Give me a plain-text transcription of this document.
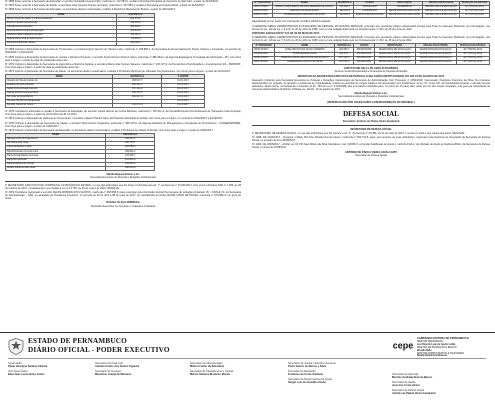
Nº 2888 Fazer retornar à Secretaria de Educação, o servidor Sebastião Gomes Filho, matrícula nº 127.083-0, cedido à Prefeitura Municipal de Camocim de São Félix, a partir de 31/03/2017.

Nº 2807 Fazer retornar à Secretaria de Saúde, a servidora José Genésio Gomes de Araújo, matrícula nº 107.984-3, cedida à Secretaria de Defesa Social, a partir de 01/04/2017.

Nº 2808 Fazer retornar à Secretaria de Educação, os servidores abaixo relacionados, cedidos à Prefeitura Municipal de Buíque, a partir de 30/01/2017.

NOME	MATRÍCULA
Alcina Tomaz de Castro e França Cavalcanti	269.975-2
Eveline Cristina Ferreira Leite	192.000-9
Ivanilda Bezerra de Mélo	188.890-0
Roberta Maria Ferreira Albuquerque	251.901-2
Rosilene Maria Cavalcanti de Melo	111.587-2
Wanda Maria Silva do Nascimento	175.945-3
Zélia Alves Barbosa Santos	149.180-4

Nº 2809 Colocar à disposição da Secretaria de Transportes, a servidora Ignêz Queiroz de Oliveira Lobo, matrícula nº 108.883-7, da Secretaria de Desenvolvimento Social, Criança e Juventude, no período de 01/02/2017 a 31/12/2017.

Nº 2870 Colocar à disposição da Secretaria de Justiça e Direitos Humanos, o servidor Sylvio Romero Porsch Vieira, matrícula nº 386.462-0, da Agência Estadual de Tecnologia da Informação - ATI, com ônus para a origem, a partir da data de publicação deste ato.

Nº 2871 Colocar à disposição da Secretaria de Agricultura e Reforma Agrária, a servidora Maria José Gomes Siqueira, matrícula nº 103.107-0, da Pernambuco Participações e Investimentos S/A - PERPART, com ônus para a origem, a partir da data de publicação deste ato.

Nº 2872 Colocar à disposição da Secretaria de Saúde, os servidores abaixo relacionados, cedidos à Prefeitura Municipal de Jaboatão dos Guararapes, com ônus para a origem, a partir de 01/01/2017.

NOME	MATRÍCULA	A PARTIR
Cláudia da Oliveira Costa Lira	253.517-7	01.01.2017
Eduardo da Silva Carneiro	240.387-4	01.01.2017
Isabel Cristina Braga Campos	237.300-4	20.01.2017
Jadilva Maria Ferreira da Silva	232.767-5	01.01.2017
Jair José da Silva Ramos	200.817-6	01.01.2017
Marcela Oliveira de Albuquerque	-	01.01.2017
Zeneide Santos de Souza	243.970-9	01.01.2017

Nº 2873 Considerar autorizada a cessão à Secretaria de Educação, do servidor Carlos Alberto da Cunha Barbosa, matrícula nº 187.611-2, da Perpart/Empresa Pernambucana de Transporte Intermunicipal, com ônus para a origem, a partir de 01.04.2014 até 31.12.2014.

Nº 2874 Colocar à disposição do Gabinete do Governador, o servidor Joaquim Pombo Neto, da Prefeitura Municipal de Olinda, com ônus para a origem, no período de 01/02/2017 a 31/12/2017.

Nº 2875 Colocar à disposição da Secretaria de Saúde, o servidor Hélio Gomes Cavalcanti, matrícula nº 395.470-0, da Agência Estadual de Planejamento e Pesquisas de Pernambuco - CONDEPE/FIDEM, com ônus para a origem, a partir de 01/01/2017.

Nº 2876 Colocar à disposição da Secretaria de Educação, os servidores abaixo relacionados, cedidos à Prefeitura da Cidade do Recife, com ônus para a origem, a partir de 01/01/2017.

NOME	MATRÍCULA
Adriana Cintra do Nascimento	190.004-1
Ivaí Maria Félix Silva	258.750-7
Luiza Cavalcanti e Silva	202.998-0
Maria Rosimeire Ferreira Lima	184.601-2
Maria Ozeidê Batista da Costa	213.106-7
Maria Rita Almeida	231.404-3
Maura Nascimento Cunha	142.080-6
Rejane Maria de Melo Silva	268.515-8
Marília Raquel Simões Lins
Secretária Executiva de Pessoal e Relações Institucionais

O SECRETÁRIO EXECUTIVO DE COMPRAS E LICITAÇÕES DO ESTADO, no uso das atribuições que lhe foram conferidas pela art. 7º, do Decreto nº 44.001/2017, bem como a Portaria SAD nº 2.069, de 25 de outubro de 2017, considerando o que dispõe a Lei nº 13.755, de 15 de março de 2016, RESOLVE:

Nº 2879 Considerar designado a servidor FELIPE ROBSON DOS SANTOS, matrícula nº 366.558-5, para responder pela Comissão Central Permanente de Licitação do Estado VII – CCPLE VII, da Secretaria de Administração – SAD, na qualidade de Presidente Pregoeiro, no período de 29 de abril a 08 de maio de 2017, em substituição ao titular FELIPE VÍTOR DE SOUZA, matrícula nº 375.984-3, em gozo de férias.

RAFAEL HLAÇA NOBREGA
Secretário Executivo de Compras e Licitações do Estado
Nº PROCESSO	NOME	MATRÍCULA	CARGO	INSTITUIÇÃO	ÓRGÃO SOLICITANTE	DURAÇÃO DA ESTADA
0001701/2017	MARIA JOSÉ RIBEIRO DE LIMA BEZERRA DE SOUZA	264.960-1	PROFESSOR	SAGRESBOM	SECRETARIA DE EDUCAÇÃO	30 (TRINTA) DIAS
0005705/2017	IVANILDO DA SILVA ALVES	280.566-4	PROFESSOR	SECRETARIA DE EDUCAÇÃO	SECRETARIA DE EDUCAÇÃO	30 (TRINTA) DIAS
0000170/2017	VANGEZILANE RODRIGUES DA SILVA	300.000-9	ANALISTA EDUCACIONAL	SECRETARIA DE EDUCAÇÃO	SECRETARIA DE EDUCAÇÃO	30 (TRINTA) DIAS

Republicada por ter saído com incorreção no Diário Oficial do Estado.

A GERENTE GERAL ADMINISTRATIVA E FINANCEIRA DE PESSOAL DO ESTADO RESOLVE: conceder aos servidores abaixo relacionados licença para Trato de Interesse Particular, em prorrogação, nos termos do art. 119 da Lei nº 6.123, de 20 de julho de 1968, com a nova redação dada pela Lei Complementar nº 202, de 28 de junho de 2012.

PORTARIA SAD/GGAFP Nº 101 DE 09 DE MAIO DE 2017.

A GERENTE GERAL ADMINISTRATIVA E FINANCEIRA DE PESSOAL DO ESTADO RESOLVE: conceder aos servidores abaixo relacionados licença para Trato de Interesse Particular, em prorrogação, nos termos do art. 119 da Lei nº 6.123, de 20 de julho de 1968, com a nova redação dada pela Lei Complementar nº 202, de 28 de junho de 2012.

Nº PROCESSO	NOME	MATRÍCULA	CARGO	INSTITUIÇÃO	ÓRGÃO SOLICITANTE	DURAÇÃO DA ESTADA
0000179/2017	JOSÉ ADILSON DA SILVA CARNEIRO	294.583-7	PROFESSOR	SECRETARIA DE EDUCAÇÃO	SECRETARIA DE EDUCAÇÃO	30 (TRINTA) DIAS
0004091/2017	JOSÉ GEORGE SILVA	234.170-7	PROFESSOR	SECRETARIA DE EDUCAÇÃO	SECRETARIA DE EDUCAÇÃO	30 (TRINTA) DIAS
0000179/2017	TERE DE CÁSSIA ARAUJO DE SOUZA NETO	287.000-0	PROFESSOR	SECRETARIA DE EDUCAÇÃO	SECRETARIA DE EDUCAÇÃO	30 (TRINTA) DIAS
0001741/2017	VANGEZIANE CASTRO DA SILVA	115.672-3	PROFESSOR	SECRETARIA DE EDUCAÇÃO	SECRETARIA DE EDUCAÇÃO	30 (TRINTA) DIAS
CHRYSTIANE KELLY DE ARAÚJO BARBOSA
Gerente Geral Administrativa e Financeira de Pessoal do Estado

DESPACHO DA SECRETÁRIA EXECUTIVA DE PESSOAL E RELAÇÕES INSTITUCIONAIS, DO DIA 15 DE AGOSTO DE 2017

Despacho proferido pela Secretária Executiva de Pessoal e Relações Institucionais da Secretaria de Administração. Ref: Processo nº 1052/2016. Interessado: Francisca Francisco da Silva. No processo administrativo em epígrafe, foi apurado a existência de irregularidade, relativo ao acúmulo de cargos públicos da interessada, com fundamento no art. 37, inciso XVI, da Constituição Federal, e demais normas aplicáveis. Desta forma, considerando o disposto no art. 154 da Lei nº 6.123/1968, fica a servidora notificada para, no prazo de 10 (dez) dias, optar por um dos cargos ocupados, sob pena de instauração de processo administrativo disciplinar. Publique-se. Recife, 15 de agosto de 2017.

Marília Raquel Simões Lins
Secretária Executiva de Pessoal e Relações Institucionais
(REPUBLICADO POR HAVER SAÍDO COM INCORREÇÃO NO ORIGINAL)
DEFESA SOCIAL
Secretário: Antônio de Pádua Vieira Cavalcanti

SECRETARIA DE DEFESA SOCIAL

O SECRETÁRIO DE DEFESA SOCIAL, no uso das atribuições que lhe confere o art. 3º, do Decreto nº 39.486, de 31 de maio de 2013, e tendo em vista o que consta dos autos, RESOLVE:

Nº 1068, DE 01/05/2017 – Designar o Major PM José Ricardo Pereira Neves, matrícula nº 950.711-8, para, sem prejuízo de suas atribuições, responder pela Gerência de Integração da Secretaria de Defesa Social, no período de 01 a 30/05/2017.

Nº 1069, DE 01/05/2017 – Atribuir ao Cb PM José Wilson da Silva Gonçalves, mat. 113456-5, a Função Gratificada de Apoio 2, símbolo FGA-2, da Unidade de Apoio ao Gabinete/DGA, da Secretaria de Defesa Social, a contar de 01/05/2017.

ANTÔNIO DE PÁDUA VIEIRA CAVALCANTI
Secretário de Defesa Social
ESTADO DE PERNAMBUCO
DIÁRIO OFICIAL - PODER EXECUTIVO
Governador
Paulo Henrique Saraiva Câmara
Vice-Governador
Raul Jean Louis Henry Júnior
Secretário da Casa Civil
Antônio Carlos dos Santos Figueira
Secretário de Governo
Marcelino Granja de Menezes
Secretário de Administração
Milton Coelho da Silva Neto
Secretário de Planejamento e Gestão
Márcio Stefanni Monteiro Morais
Secretário de Justiça e Direitos Humanos
Pedro Eurico de Barros e Silva
Secretário de Educação
Frederico da Costa Amâncio
Secretário de Desenvolvimento Social
Sérgio Luiz de Carvalho Xavier
Secretário da Fazenda
Marcelo Andrade Bezerra Barros
Secretário de Saúde
José Iran Costa Júnior
Secretário de Defesa Social
Antônio de Pádua Vieira Cavalcanti
cepe
COMPANHIA EDITORA DE PERNAMBUCO
DIRETOR PRESIDENTE
Luiz Ricardo Leite de Castro Leitão
DIRETOR DE PRODUÇÃO E EDIÇÃO
Ricardo Melo
DIRETOR ADMINISTRATIVO E FINANCEIRO
Bráulio Mendonça Meneses
